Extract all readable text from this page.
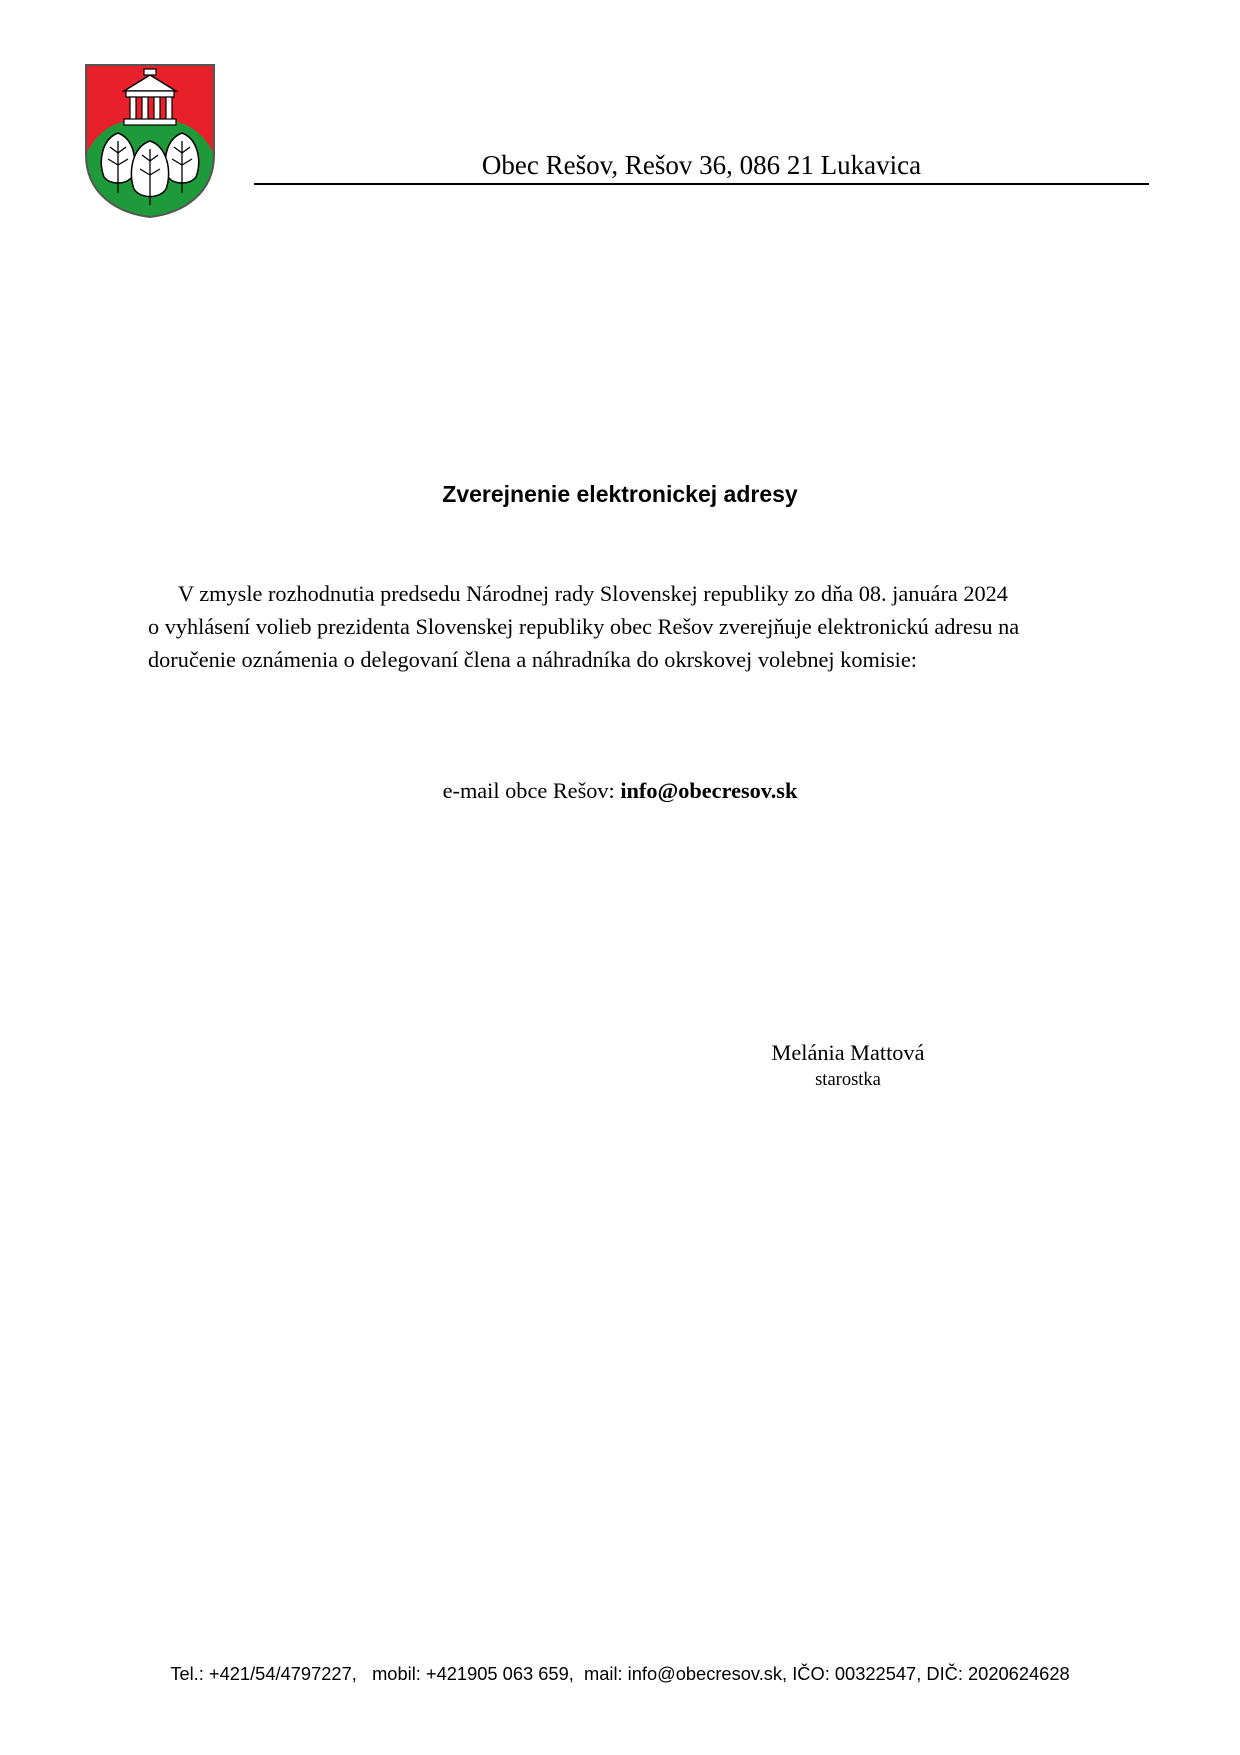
Obec Rešov, Rešov 36, 086 21 Lukavica
Zverejnenie elektronickej adresy
V zmysle rozhodnutia predsedu Národnej rady Slovenskej republiky zo dňa 08. januára 2024
o vyhlásení volieb prezidenta Slovenskej republiky obec Rešov zverejňuje elektronickú adresu na
doručenie oznámenia o delegovaní člena a náhradníka do okrskovej volebnej komisie:
e-mail obce Rešov: info@obecresov.sk
Melánia Mattová
starostka
Tel.: +421/54/4797227,   mobil: +421905 063 659,  mail: info@obecresov.sk, IČO: 00322547, DIČ: 2020624628
